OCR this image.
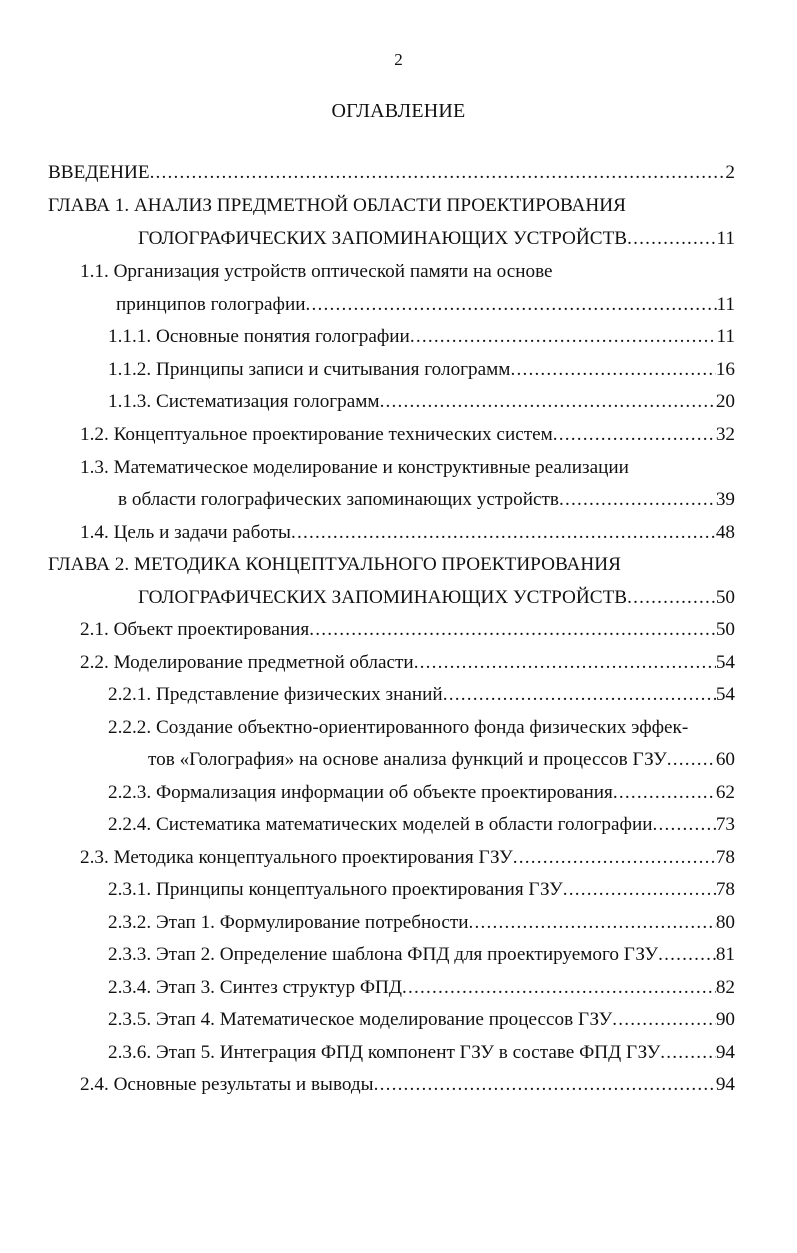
2
ОГЛАВЛЕНИЕ
ВВЕДЕНИЕ .....	2
ГЛАВА 1. АНАЛИЗ ПРЕДМЕТНОЙ ОБЛАСТИ ПРОЕКТИРОВАНИЯ
ГОЛОГРАФИЧЕСКИХ ЗАПОМИНАЮЩИХ УСТРОЙСТВ .....	11
1.1. Организация устройств оптической памяти на основе
принципов голографии .....	11
1.1.1. Основные понятия голографии .....	11
1.1.2. Принципы записи и считывания голограмм .....	16
1.1.3. Систематизация голограмм .....	20
1.2. Концептуальное проектирование технических систем .....	32
1.3. Математическое моделирование и конструктивные реализации
в области голографических запоминающих устройств .....	39
1.4. Цель и задачи работы .....	48
ГЛАВА 2. МЕТОДИКА КОНЦЕПТУАЛЬНОГО ПРОЕКТИРОВАНИЯ
ГОЛОГРАФИЧЕСКИХ ЗАПОМИНАЮЩИХ УСТРОЙСТВ .....	50
2.1. Объект проектирования .....	50
2.2. Моделирование предметной области .....	54
2.2.1. Представление физических знаний .....	54
2.2.2. Создание объектно-ориентированного фонда физических эффек-
тов «Голография» на основе анализа функций и процессов ГЗУ .....	60
2.2.3. Формализация информации об объекте проектирования .....	62
2.2.4. Систематика математических моделей в области голографии .....	73
2.3. Методика концептуального проектирования ГЗУ .....	78
2.3.1. Принципы концептуального проектирования ГЗУ .....	78
2.3.2. Этап 1. Формулирование потребности .....	80
2.3.3. Этап 2. Определение шаблона ФПД для проектируемого ГЗУ .....	81
2.3.4. Этап 3. Синтез структур ФПД .....	82
2.3.5. Этап 4. Математическое моделирование процессов ГЗУ .....	90
2.3.6. Этап 5. Интеграция ФПД компонент ГЗУ в составе ФПД ГЗУ .....	94
2.4. Основные результаты и выводы .....	94
